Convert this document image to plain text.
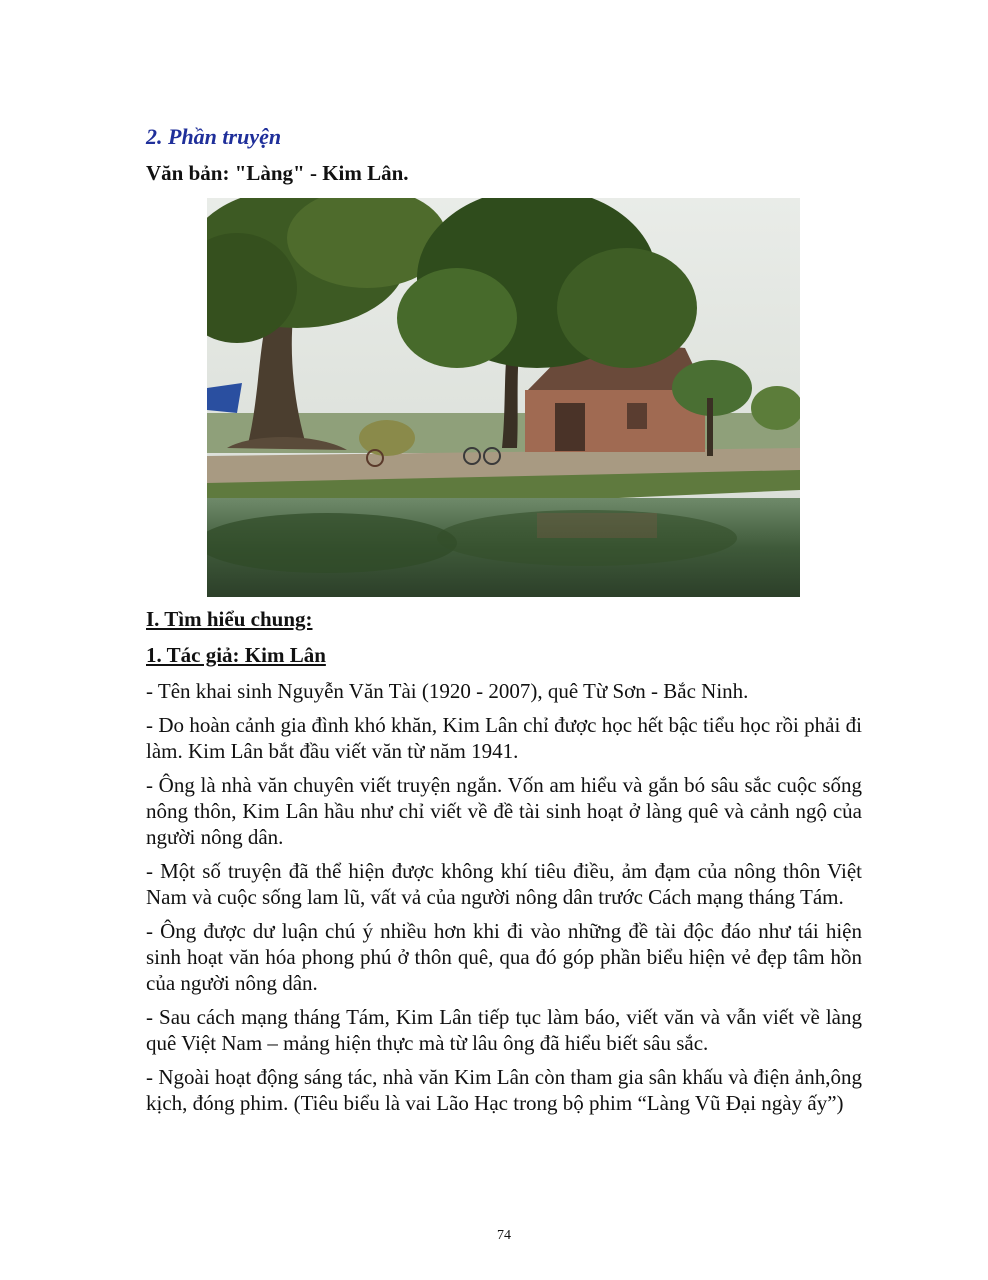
2. Phần truyện
Văn bản: "Làng" - Kim Lân.
I. Tìm hiểu chung:
1. Tác giả: Kim Lân

- Tên khai sinh Nguyễn Văn Tài (1920 - 2007), quê Từ Sơn - Bắc Ninh.

- Do hoàn cảnh gia đình khó khăn, Kim Lân chỉ được học hết bậc tiểu học rồi phải đi làm. Kim Lân bắt đầu viết văn từ năm 1941.

- Ông là nhà văn chuyên viết truyện ngắn. Vốn am hiểu và gắn bó sâu sắc cuộc sống nông thôn, Kim Lân hầu như chỉ viết về đề tài sinh hoạt ở làng quê và cảnh ngộ của người nông dân.

- Một số truyện đã thể hiện được không khí tiêu điều, ảm đạm của nông thôn Việt Nam và cuộc sống lam lũ, vất vả của người nông dân trước Cách mạng tháng Tám.

- Ông được dư luận chú ý nhiều hơn khi đi vào những đề tài độc đáo như tái hiện sinh hoạt văn hóa phong phú ở thôn quê, qua đó góp phần biểu hiện vẻ đẹp tâm hồn của người nông dân.

- Sau cách mạng tháng Tám, Kim Lân tiếp tục làm báo, viết văn và vẫn viết về làng quê Việt Nam – mảng hiện thực mà từ lâu ông đã hiểu biết sâu sắc.

- Ngoài hoạt động sáng tác, nhà văn Kim Lân còn tham gia sân khấu và điện ảnh,ông kịch, đóng phim. (Tiêu biểu là vai Lão Hạc trong bộ phim “Làng Vũ Đại ngày ấy”)

74
